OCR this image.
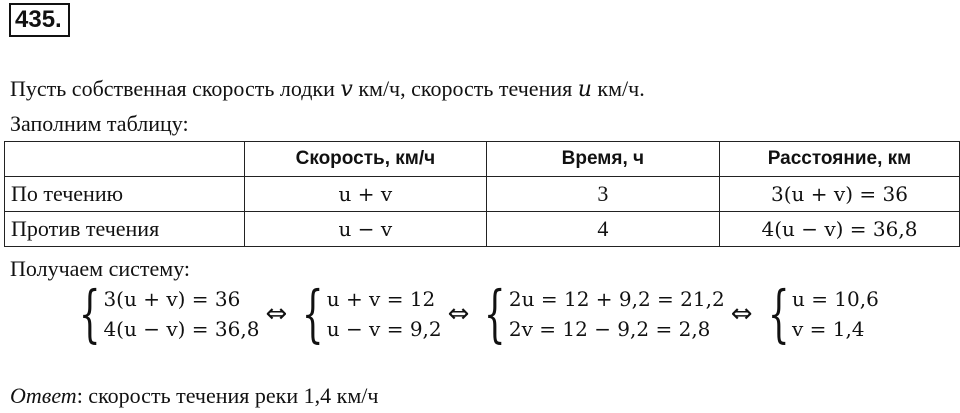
435.
Пусть собственная скорость лодки v км/ч, скорость течения u км/ч.
Заполним таблицу:
	Скорость, км/ч	Время, ч	Расстояние, км
По течению	u + v	3	3(u + v) = 36
Против течения	u − v	4	4(u − v) = 36,8
Получаем систему:
{ 3(u + v) = 36
4(u − v) = 36,8 ⇔ { u + v = 12
u − v = 9,2 ⇔ { 2u = 12 + 9,2 = 21,2
2v = 12 − 9,2 = 2,8 ⇔ { u = 10,6
v = 1,4
Ответ: скорость течения реки 1,4 км/ч
